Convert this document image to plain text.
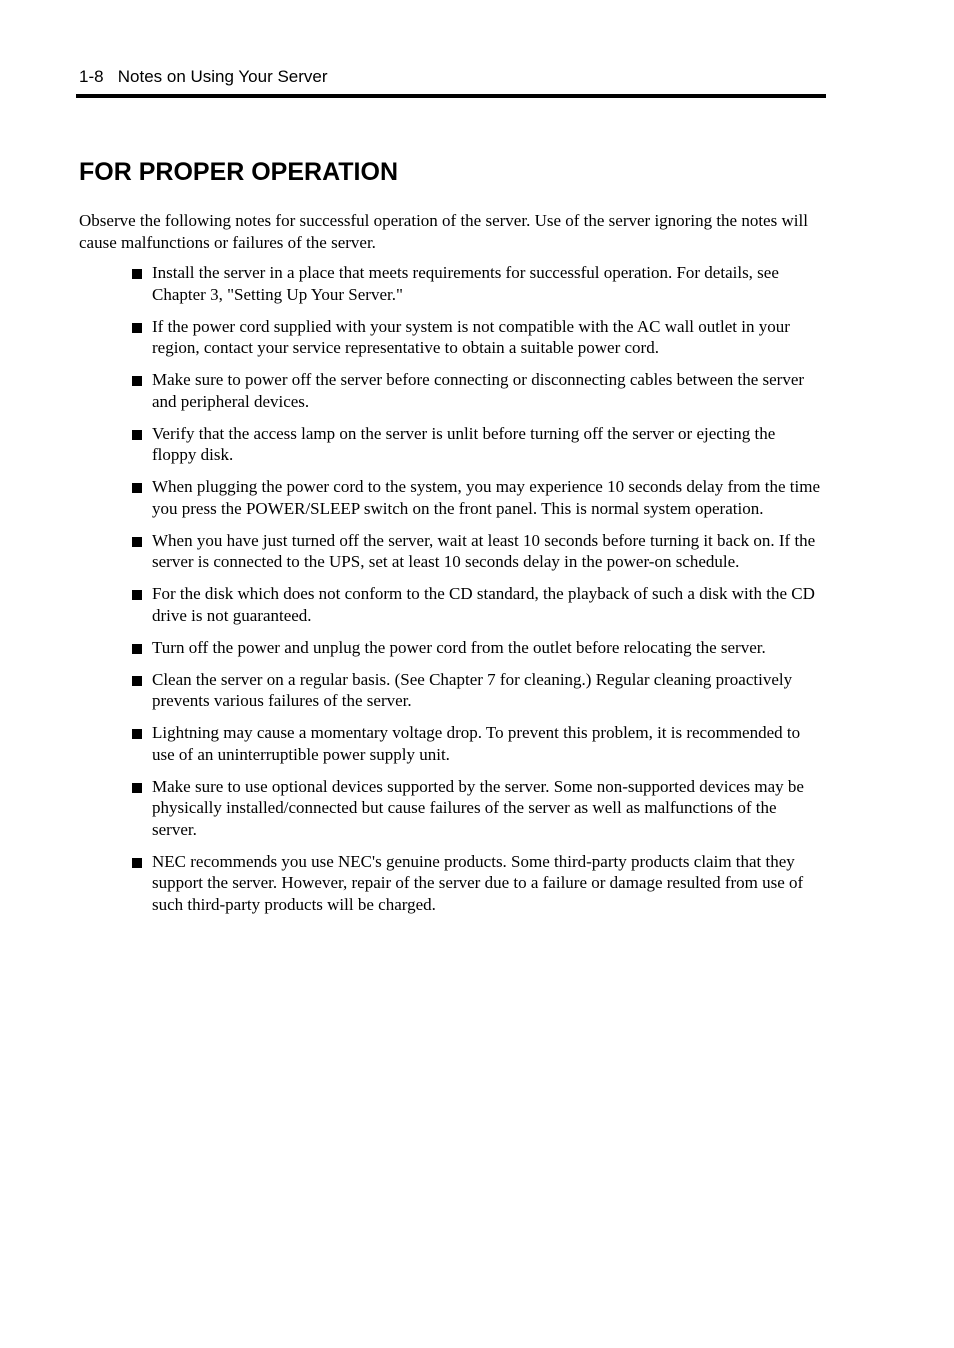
1-8   Notes on Using Your Server
FOR PROPER OPERATION

Observe the following notes for successful operation of the server. Use of the server ignoring the notes will cause malfunctions or failures of the server.

Install the server in a place that meets requirements for successful operation. For details, see Chapter 3, "Setting Up Your Server."
If the power cord supplied with your system is not compatible with the AC wall outlet in your region, contact your service representative to obtain a suitable power cord.
Make sure to power off the server before connecting or disconnecting cables between the server and peripheral devices.
Verify that the access lamp on the server is unlit before turning off the server or ejecting the floppy disk.
When plugging the power cord to the system, you may experience 10 seconds delay from the time you press the POWER/SLEEP switch on the front panel. This is normal system operation.
When you have just turned off the server, wait at least 10 seconds before turning it back on. If the server is connected to the UPS, set at least 10 seconds delay in the power-on schedule.
For the disk which does not conform to the CD standard, the playback of such a disk with the CD drive is not guaranteed.
Turn off the power and unplug the power cord from the outlet before relocating the server.
Clean the server on a regular basis. (See Chapter 7 for cleaning.) Regular cleaning proactively prevents various failures of the server.
Lightning may cause a momentary voltage drop. To prevent this problem, it is recommended to use of an uninterruptible power supply unit.
Make sure to use optional devices supported by the server. Some non-supported devices may be physically installed/connected but cause failures of the server as well as malfunctions of the server.
NEC recommends you use NEC's genuine products. Some third-party products claim that they support the server. However, repair of the server due to a failure or damage resulted from use of such third-party products will be charged.
